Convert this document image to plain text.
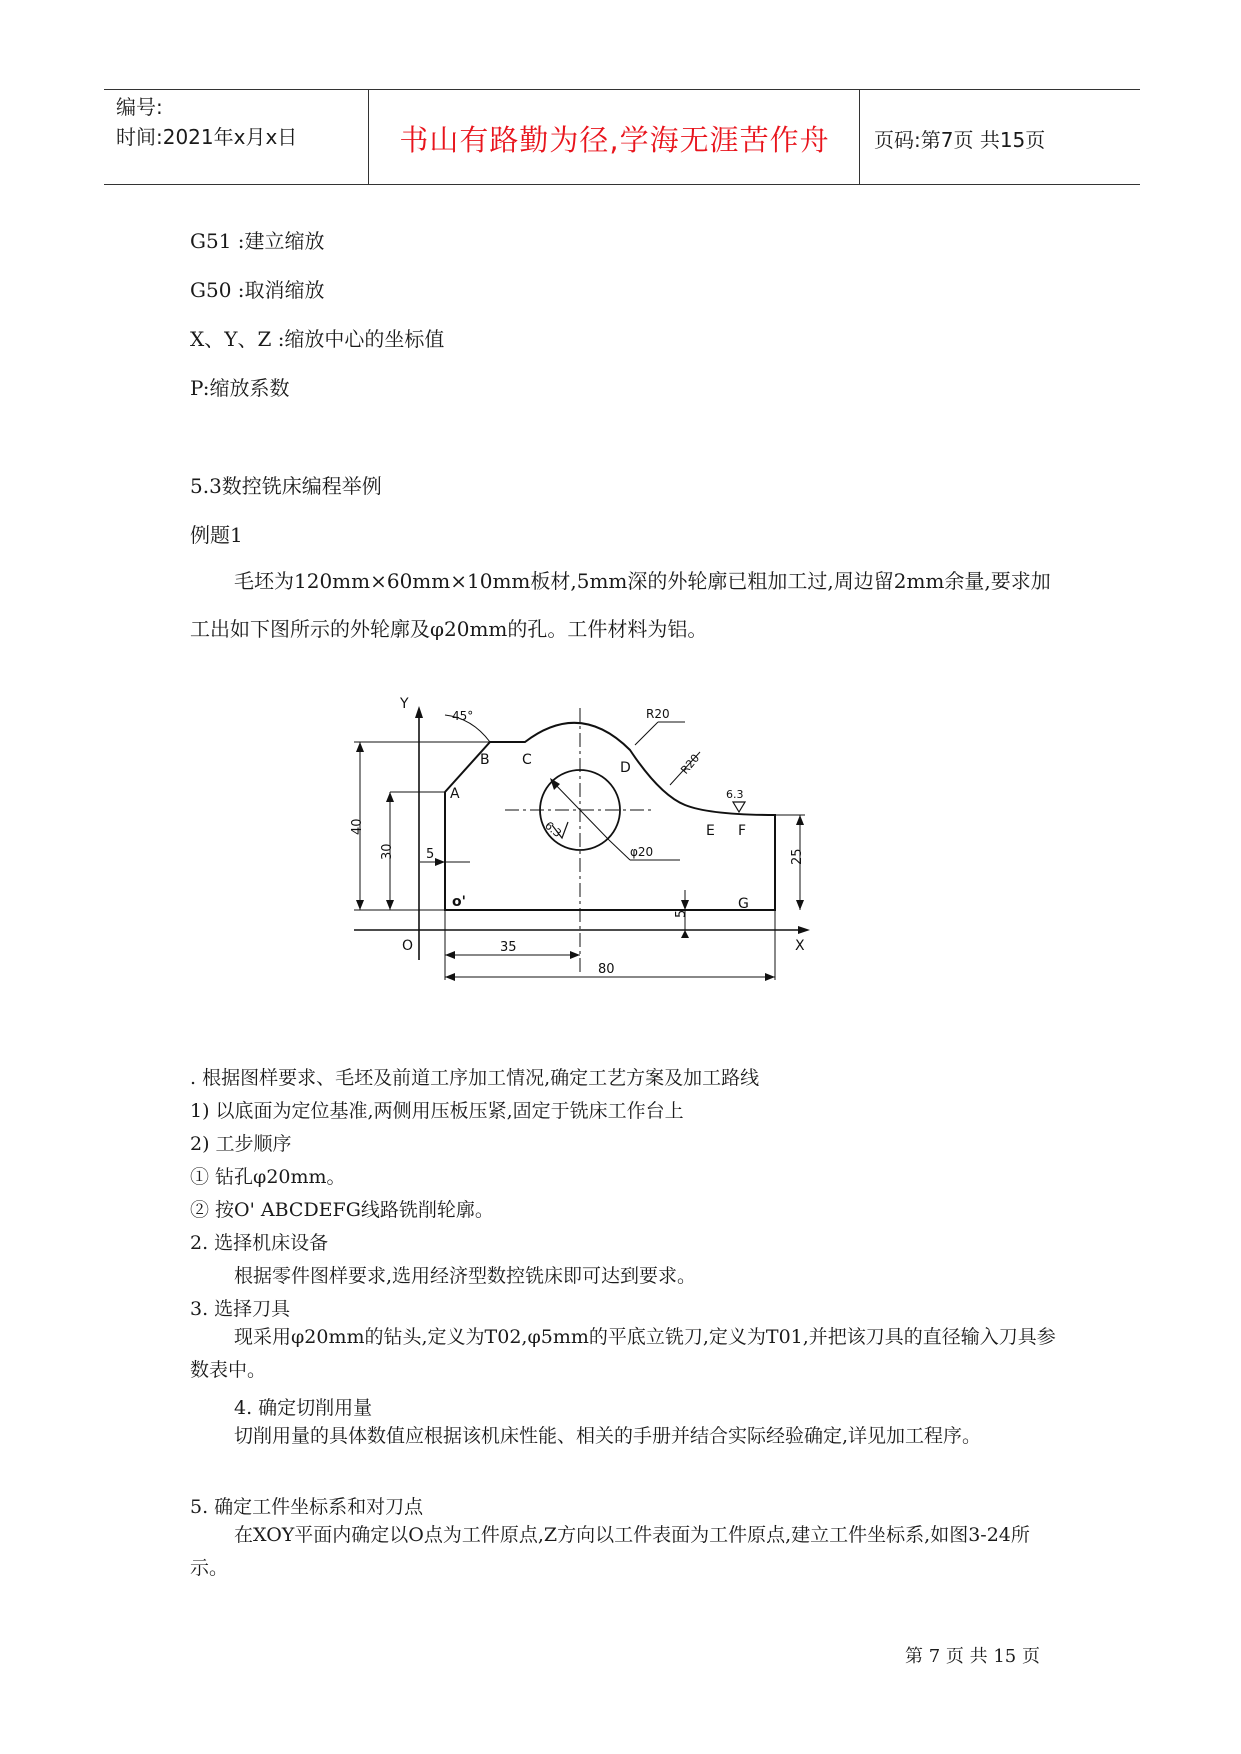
编号:
时间:2021年x月x日	书山有路勤为径,学海无涯苦作舟	页码:第7页 共15页
G51 :建立缩放
G50 :取消缩放
X、Y、Z :缩放中心的坐标值
P:缩放系数
5.3数控铣床编程举例
例题1
毛坯为120mm×60mm×10mm板材,5mm深的外轮廓已粗加工过,周边留2mm余量,要求加工出如下图所示的外轮廓及φ20mm的孔。工件材料为铝。
Y
X
O
o'
45°	R20
R20
A
B C	D
E F
G
6.3
6.3
φ20
40
30 5	25
5
35
80
. 根据图样要求、毛坯及前道工序加工情况,确定工艺方案及加工路线
1) 以底面为定位基准,两侧用压板压紧,固定于铣床工作台上
2) 工步顺序
① 钻孔φ20mm。
② 按O' ABCDEFG线路铣削轮廓。
2. 选择机床设备
根据零件图样要求,选用经济型数控铣床即可达到要求。
3. 选择刀具
现采用φ20mm的钻头,定义为T02,φ5mm的平底立铣刀,定义为T01,并把该刀具的直径输入刀具参数表中。
4. 确定切削用量
切削用量的具体数值应根据该机床性能、相关的手册并结合实际经验确定,详见加工程序。
5. 确定工件坐标系和对刀点
在XOY平面内确定以O点为工件原点,Z方向以工件表面为工件原点,建立工件坐标系,如图3-24所示。
第 7 页 共 15 页
